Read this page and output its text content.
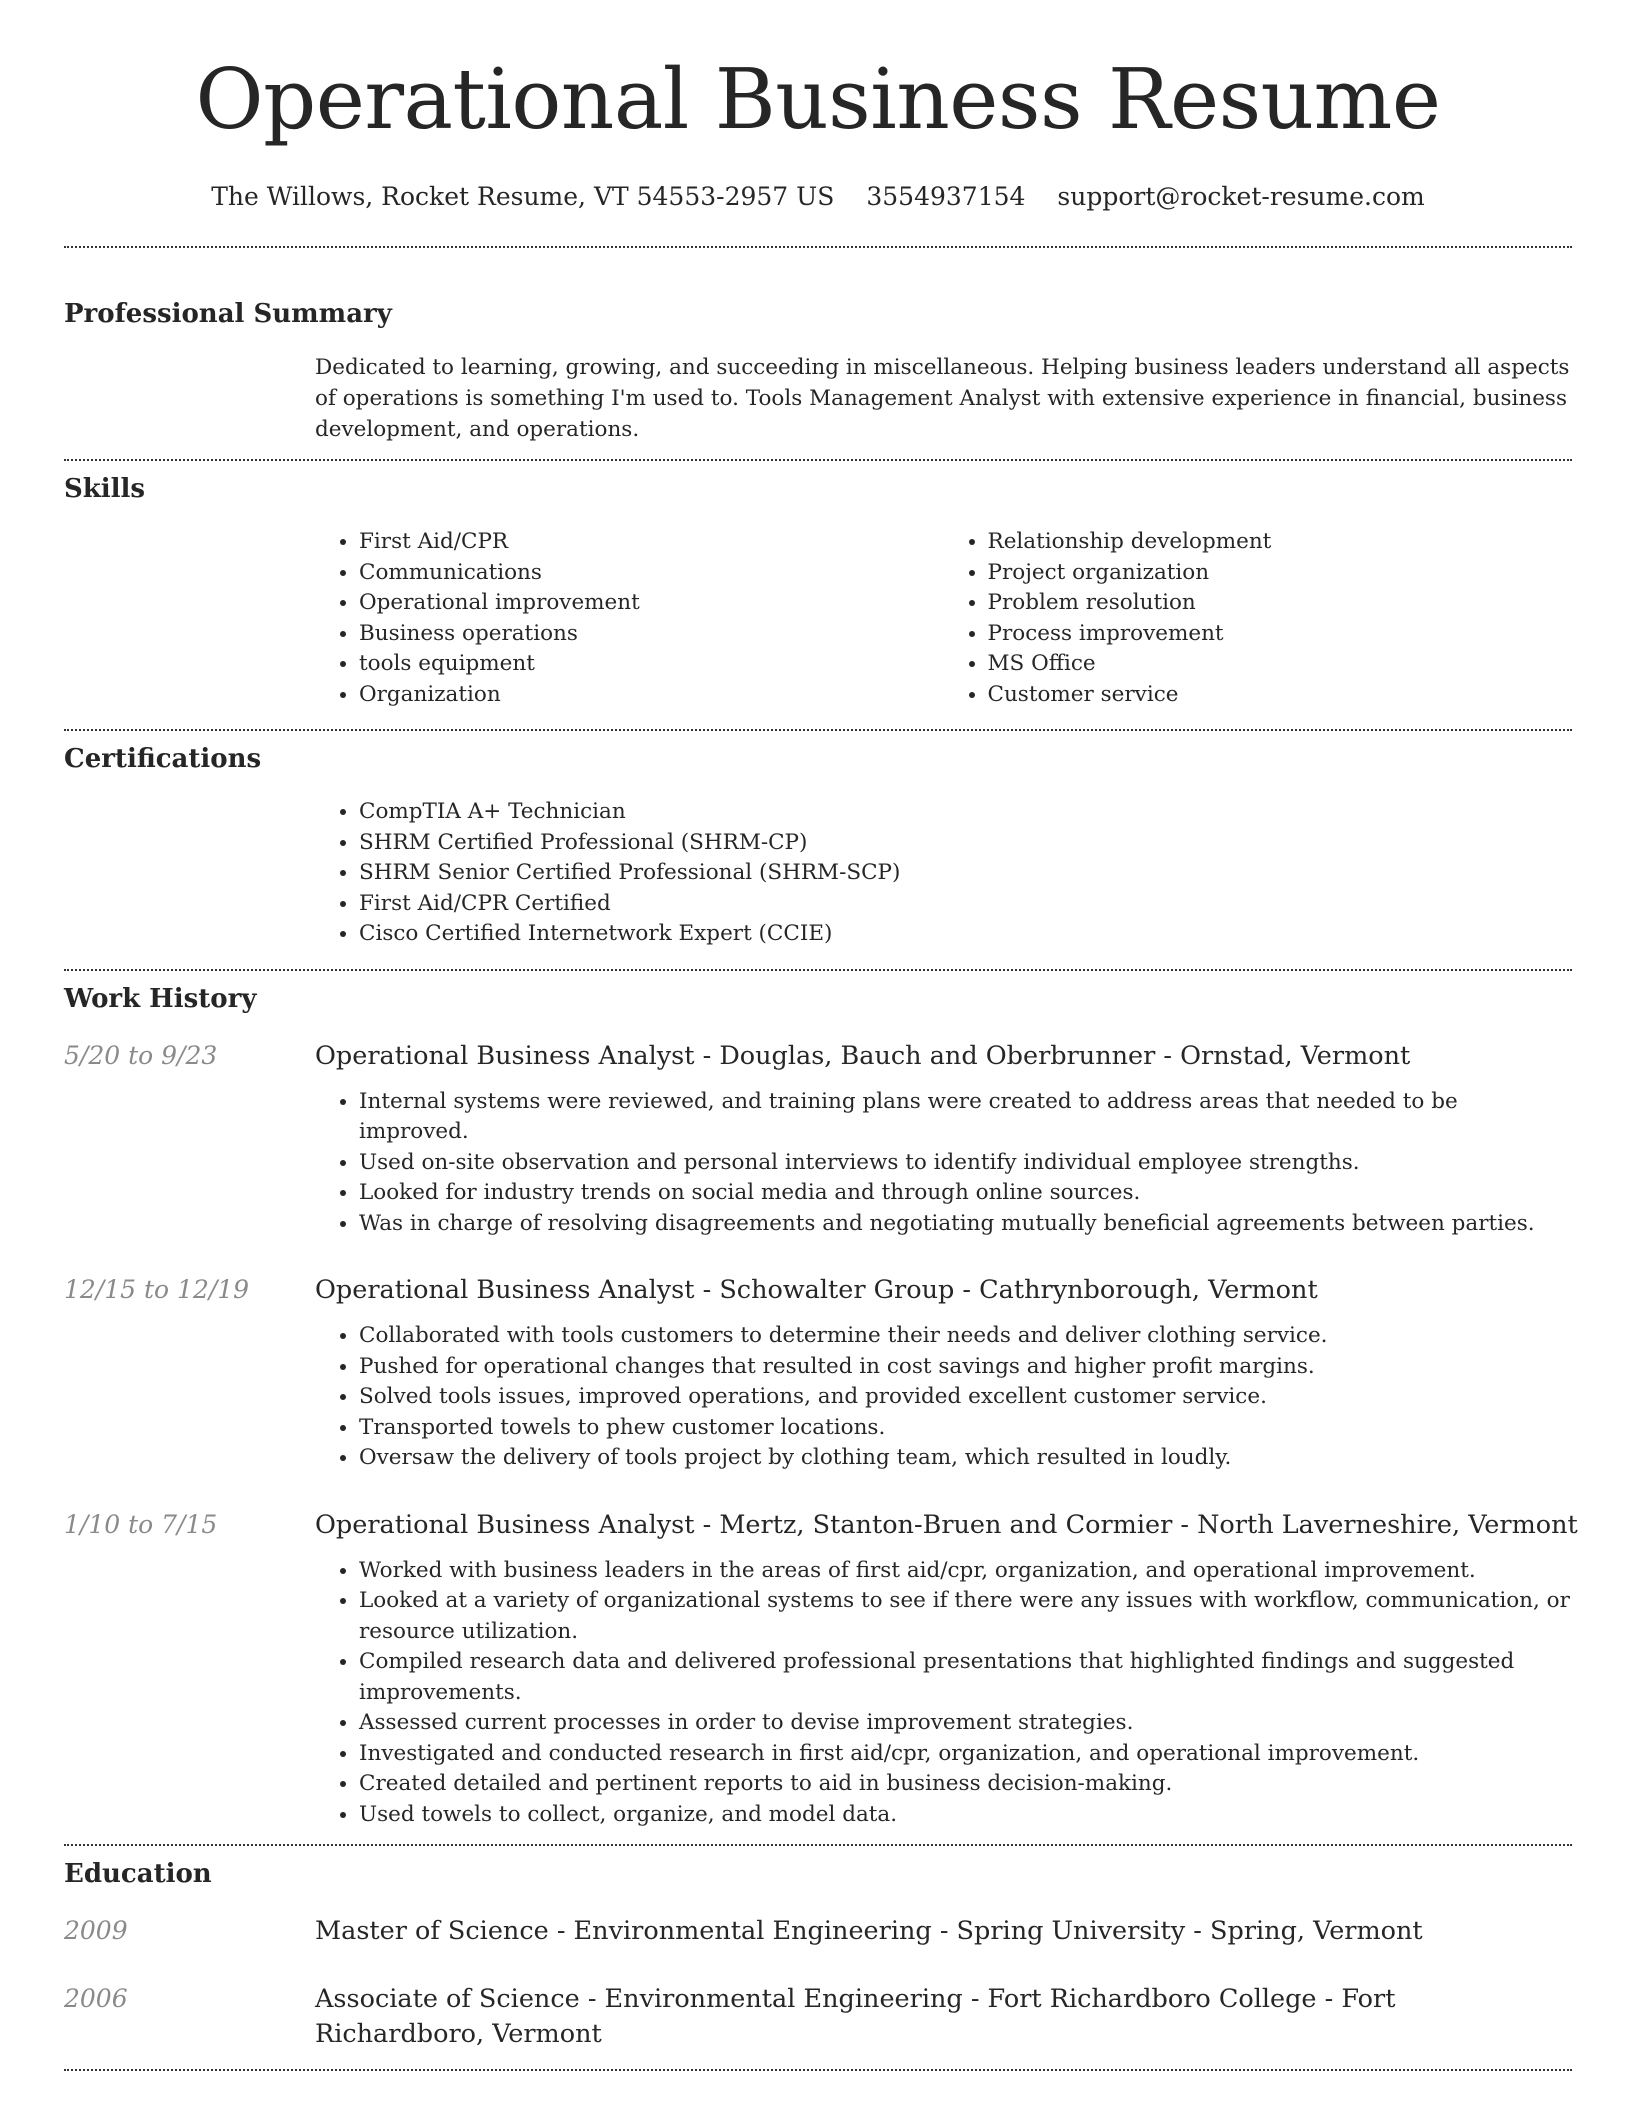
Operational Business Resume
The Willows, Rocket Resume, VT 54553-2957 US 3554937154 support@rocket-resume.com
Professional Summary

Dedicated to learning, growing, and succeeding in miscellaneous. Helping business leaders understand all aspects of operations is something I'm used to. Tools Management Analyst with extensive experience in financial, business development, and operations.

Skills
• First Aid/CPR
• Communications
• Operational improvement
• Business operations
• tools equipment
• Organization
• Relationship development
• Project organization
• Problem resolution
• Process improvement
• MS Office
• Customer service
Certifications
• CompTIA A+ Technician
• SHRM Certified Professional (SHRM-CP)
• SHRM Senior Certified Professional (SHRM-SCP)
• First Aid/CPR Certified
• Cisco Certified Internetwork Expert (CCIE)
Work History
5/20 to 9/23	Operational Business Analyst - Douglas, Bauch and Oberbrunner - Ornstad, Vermont
• Internal systems were reviewed, and training plans were created to address areas that needed to be improved.
• Used on-site observation and personal interviews to identify individual employee strengths.
• Looked for industry trends on social media and through online sources.
• Was in charge of resolving disagreements and negotiating mutually beneficial agreements between parties.
12/15 to 12/19	Operational Business Analyst - Schowalter Group - Cathrynborough, Vermont
• Collaborated with tools customers to determine their needs and deliver clothing service.
• Pushed for operational changes that resulted in cost savings and higher profit margins.
• Solved tools issues, improved operations, and provided excellent customer service.
• Transported towels to phew customer locations.
• Oversaw the delivery of tools project by clothing team, which resulted in loudly.
1/10 to 7/15	Operational Business Analyst - Mertz, Stanton-Bruen and Cormier - North Laverneshire, Vermont
• Worked with business leaders in the areas of first aid/cpr, organization, and operational improvement.
• Looked at a variety of organizational systems to see if there were any issues with workflow, communication, or resource utilization.
• Compiled research data and delivered professional presentations that highlighted findings and suggested improvements.
• Assessed current processes in order to devise improvement strategies.
• Investigated and conducted research in first aid/cpr, organization, and operational improvement.
• Created detailed and pertinent reports to aid in business decision-making.
• Used towels to collect, organize, and model data.
Education
2009	Master of Science - Environmental Engineering - Spring University - Spring, Vermont
2006	Associate of Science - Environmental Engineering - Fort Richardboro College - Fort Richardboro, Vermont
